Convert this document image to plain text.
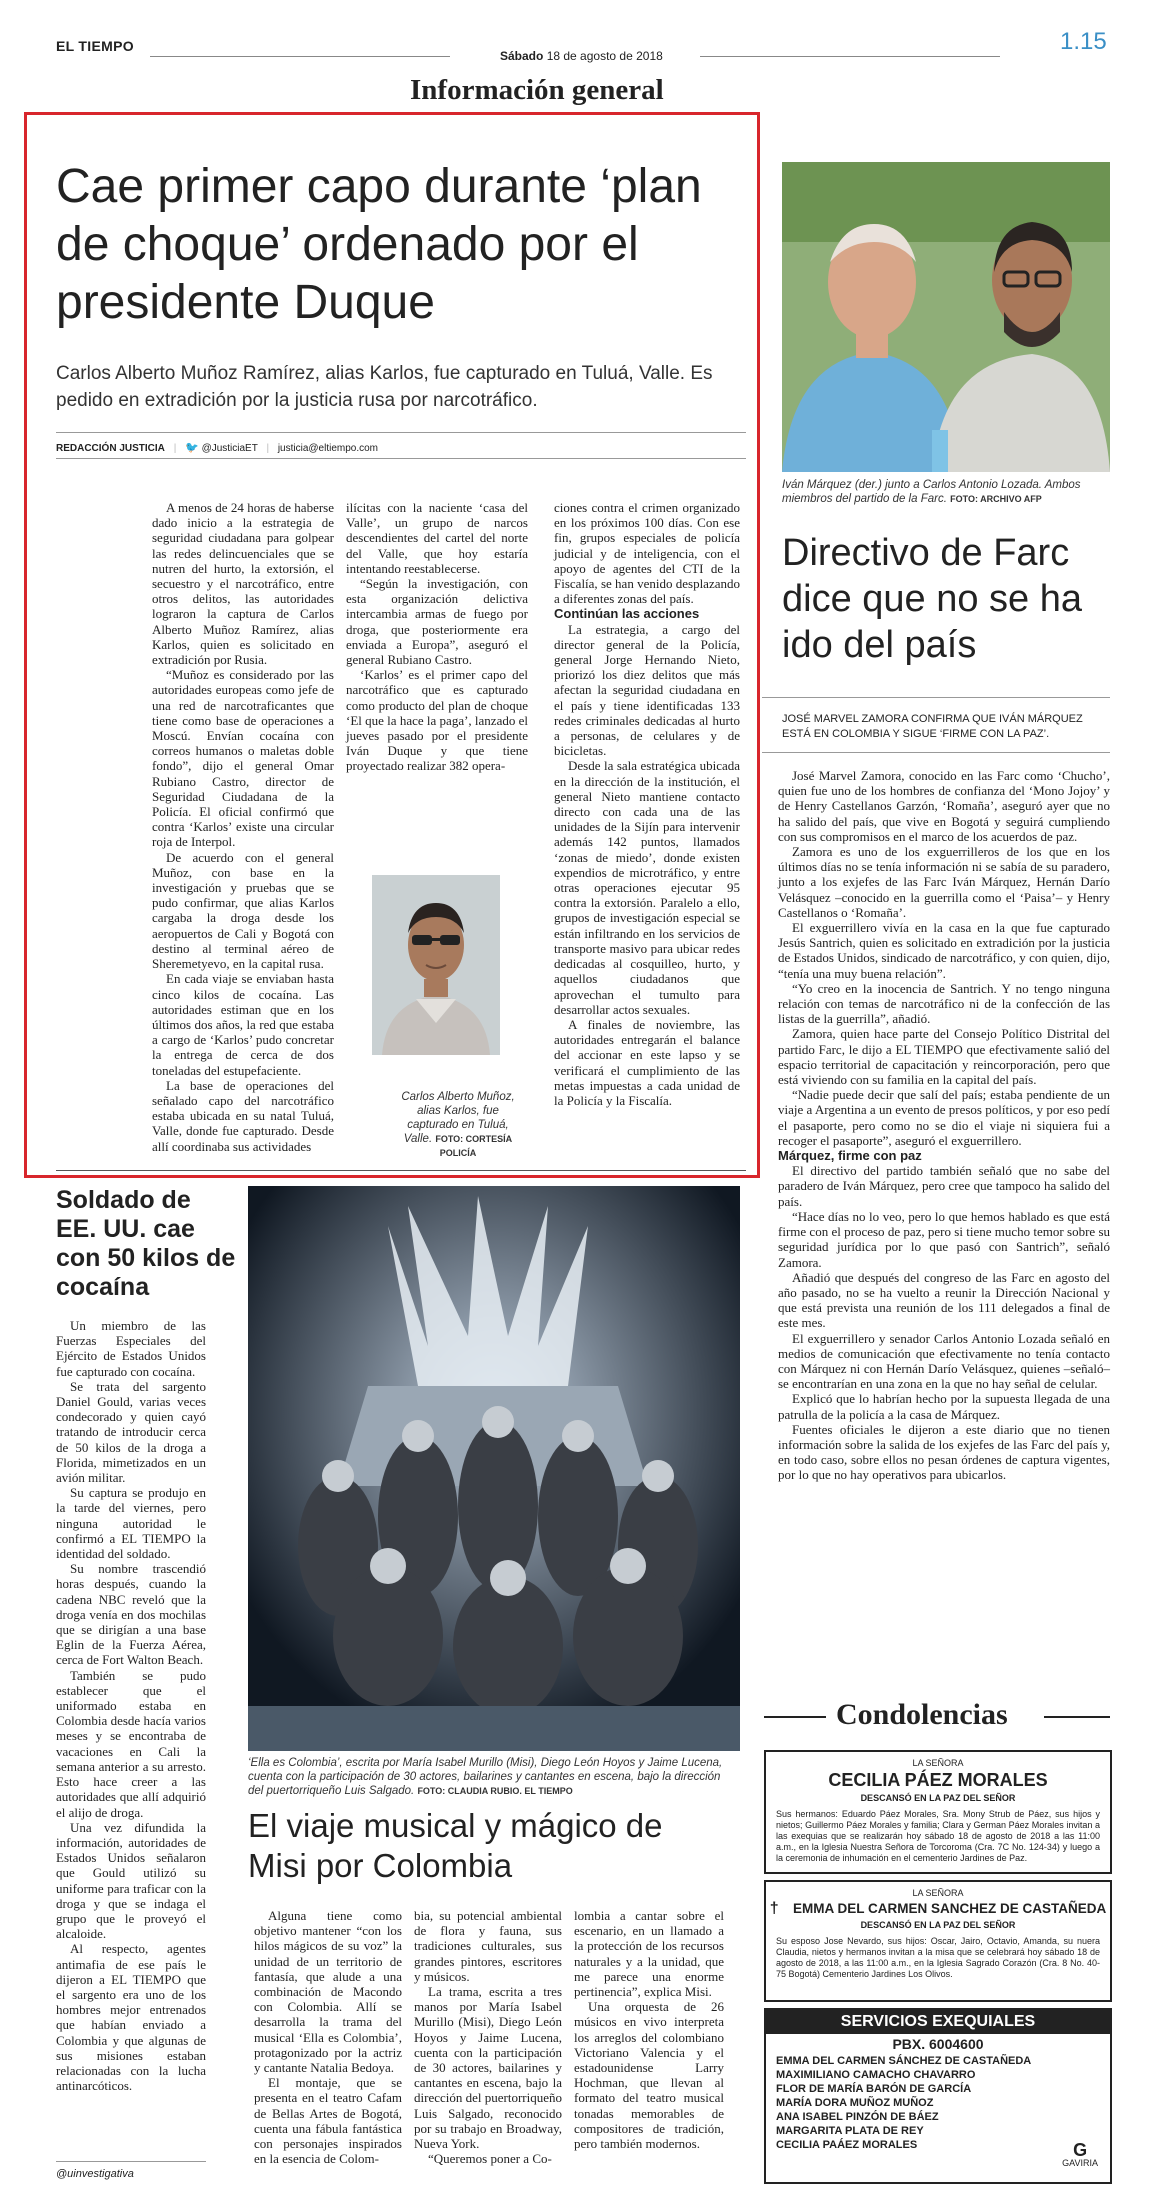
EL TIEMPO
Sábado 18 de agosto de 2018
1.15
Información general
Cae primer capo durante ‘plan de choque’ ordenado por el presidente Duque
Carlos Alberto Muñoz Ramírez, alias Karlos, fue capturado en Tuluá, Valle. Es pedido en extradición por la justicia rusa por narcotráfico.
REDACCIÓN JUSTICIA | 🐦 @JusticiaET | justicia@eltiempo.com

A menos de 24 horas de haberse dado inicio a la estrategia de seguridad ciudadana para golpear las redes delincuenciales que se nutren del hurto, la extorsión, el secuestro y el narcotráfico, entre otros delitos, las autoridades lograron la captura de Carlos Alberto Muñoz Ramírez, alias Karlos, quien es solicitado en extradición por Rusia.

“Muñoz es considerado por las autoridades europeas como jefe de una red de narcotraficantes que tiene como base de operaciones a Moscú. Envían cocaína con correos humanos o maletas doble fondo”, dijo el general Omar Rubiano Castro, director de Seguridad Ciudadana de la Policía. El oficial confirmó que contra ‘Karlos’ existe una circular roja de Interpol.

De acuerdo con el general Muñoz, con base en la investigación y pruebas que se pudo confirmar, que alias Karlos cargaba la droga desde los aeropuertos de Cali y Bogotá con destino al terminal aéreo de Sheremetyevo, en la capital rusa.

En cada viaje se enviaban hasta cinco kilos de cocaína. Las autoridades estiman que en los últimos dos años, la red que estaba a cargo de ‘Karlos’ pudo concretar la entrega de cerca de dos toneladas del estupefaciente.

La base de operaciones del señalado capo del narcotráfico estaba ubicada en su natal Tuluá, Valle, donde fue capturado. Desde allí coordinaba sus actividades

ilícitas con la naciente ‘casa del Valle’, un grupo de narcos descendientes del cartel del norte del Valle, que hoy estaría intentando reestablecerse.

“Según la investigación, con esta organización delictiva intercambia armas de fuego por droga, que posteriormente era enviada a Europa”, aseguró el general Rubiano Castro.

‘Karlos’ es el primer capo del narcotráfico que es capturado como producto del plan de choque ‘El que la hace la paga’, lanzado el jueves pasado por el presidente Iván Duque y que tiene proyectado realizar 382 opera-

Carlos Alberto Muñoz, alias Karlos, fue capturado en Tuluá, Valle. FOTO: CORTESÍA POLICÍA

ciones contra el crimen organizado en los próximos 100 días. Con ese fin, grupos especiales de policía judicial y de inteligencia, con el apoyo de agentes del CTI de la Fiscalía, se han venido desplazando a diferentes zonas del país.

Continúan las acciones

La estrategia, a cargo del director general de la Policía, general Jorge Hernando Nieto, priorizó los diez delitos que más afectan la seguridad ciudadana en el país y tiene identificadas 133 redes criminales dedicadas al hurto a personas, de celulares y de bicicletas.

Desde la sala estratégica ubicada en la dirección de la institución, el general Nieto mantiene contacto directo con cada una de las unidades de la Sijín para intervenir además 142 puntos, llamados ‘zonas de miedo’, donde existen expendios de microtráfico, y entre otras operaciones ejecutar 95 contra la extorsión. Paralelo a ello, grupos de investigación especial se están infiltrando en los servicios de transporte masivo para ubicar redes dedicadas al cosquilleo, hurto, y aquellos ciudadanos que aprovechan el tumulto para desarrollar actos sexuales.

A finales de noviembre, las autoridades entregarán el balance del accionar en este lapso y se verificará el cumplimiento de las metas impuestas a cada unidad de la Policía y la Fiscalía.

Iván Márquez (der.) junto a Carlos Antonio Lozada. Ambos miembros del partido de la Farc. FOTO: ARCHIVO AFP
Directivo de Farc dice que no se ha ido del país
JOSÉ MARVEL ZAMORA CONFIRMA QUE IVÁN MÁRQUEZ ESTÁ EN COLOMBIA Y SIGUE ‘FIRME CON LA PAZ’.

José Marvel Zamora, conocido en las Farc como ‘Chucho’, quien fue uno de los hombres de confianza del ‘Mono Jojoy’ y de Henry Castellanos Garzón, ‘Romaña’, aseguró ayer que no ha salido del país, que vive en Bogotá y seguirá cumpliendo con sus compromisos en el marco de los acuerdos de paz.

Zamora es uno de los exguerrilleros de los que en los últimos días no se tenía información ni se sabía de su paradero, junto a los exjefes de las Farc Iván Márquez, Hernán Darío Velásquez –conocido en la guerrilla como el ‘Paisa’– y Henry Castellanos o ‘Romaña’.

El exguerrillero vivía en la casa en la que fue capturado Jesús Santrich, quien es solicitado en extradición por la justicia de Estados Unidos, sindicado de narcotráfico, y con quien, dijo, “tenía una muy buena relación”.

“Yo creo en la inocencia de Santrich. Y no tengo ninguna relación con temas de narcotráfico ni de la confección de las listas de la guerrilla”, añadió.

Zamora, quien hace parte del Consejo Político Distrital del partido Farc, le dijo a EL TIEMPO que efectivamente salió del espacio territorial de capacitación y reincorporación, pero que está viviendo con su familia en la capital del país.

“Nadie puede decir que salí del país; estaba pendiente de un viaje a Argentina a un evento de presos políticos, y por eso pedí el pasaporte, pero como no se dio el viaje ni siquiera fui a recoger el pasaporte”, aseguró el exguerrillero.

Márquez, firme con paz

El directivo del partido también señaló que no sabe del paradero de Iván Márquez, pero cree que tampoco ha salido del país.

“Hace días no lo veo, pero lo que hemos hablado es que está firme con el proceso de paz, pero si tiene mucho temor sobre su seguridad jurídica por lo que pasó con Santrich”, señaló Zamora.

Añadió que después del congreso de las Farc en agosto del año pasado, no se ha vuelto a reunir la Dirección Nacional y que está prevista una reunión de los 111 delegados a final de este mes.

El exguerrillero y senador Carlos Antonio Lozada señaló en medios de comunicación que efectivamente no tenía contacto con Márquez ni con Hernán Darío Velásquez, quienes –señaló– se encontrarían en una zona en la que no hay señal de celular.

Explicó que lo habrían hecho por la supuesta llegada de una patrulla de la policía a la casa de Márquez.

Fuentes oficiales le dijeron a este diario que no tienen información sobre la salida de los exjefes de las Farc del país y, en todo caso, sobre ellos no pesan órdenes de captura vigentes, por lo que no hay operativos para ubicarlos.

Soldado de EE. UU. cae con 50 kilos de cocaína

Un miembro de las Fuerzas Especiales del Ejército de Estados Unidos fue capturado con cocaína.

Se trata del sargento Daniel Gould, varias veces condecorado y quien cayó tratando de introducir cerca de 50 kilos de la droga a Florida, mimetizados en un avión militar.

Su captura se produjo en la tarde del viernes, pero ninguna autoridad le confirmó a EL TIEMPO la identidad del soldado.

Su nombre trascendió horas después, cuando la cadena NBC reveló que la droga venía en dos mochilas que se dirigían a una base Eglin de la Fuerza Aérea, cerca de Fort Walton Beach.

También se pudo establecer que el uniformado estaba en Colombia desde hacía varios meses y se encontraba de vacaciones en Cali la semana anterior a su arresto. Esto hace creer a las autoridades que allí adquirió el alijo de droga.

Una vez difundida la información, autoridades de Estados Unidos señalaron que Gould utilizó su uniforme para traficar con la droga y que se indaga el grupo que le proveyó el alcaloide.

Al respecto, agentes antimafia de ese país le dijeron a EL TIEMPO que el sargento era uno de los hombres mejor entrenados que habían enviado a Colombia y que algunas de sus misiones estaban relacionadas con la lucha antinarcóticos.

@uinvestigativa
‘Ella es Colombia’, escrita por María Isabel Murillo (Misi), Diego León Hoyos y Jaime Lucena, cuenta con la participación de 30 actores, bailarines y cantantes en escena, bajo la dirección del puertorriqueño Luis Salgado. FOTO: CLAUDIA RUBIO. EL TIEMPO
El viaje musical y mágico de Misi por Colombia

Alguna tiene como objetivo mantener “con los hilos mágicos de su voz” la unidad de un territorio de fantasía, que alude a una combinación de Macondo con Colombia. Allí se desarrolla la trama del musical ‘Ella es Colombia’, protagonizado por la actriz y cantante Natalia Bedoya.

El montaje, que se presenta en el teatro Cafam de Bellas Artes de Bogotá, cuenta una fábula fantástica con personajes inspirados en la esencia de Colom-

bia, su potencial ambiental de flora y fauna, sus tradiciones culturales, sus grandes pintores, escritores y músicos.

La trama, escrita a tres manos por María Isabel Murillo (Misi), Diego León Hoyos y Jaime Lucena, cuenta con la participación de 30 actores, bailarines y cantantes en escena, bajo la dirección del puertorriqueño Luis Salgado, reconocido por su trabajo en Broadway, Nueva York.

“Queremos poner a Co-

lombia a cantar sobre el escenario, en un llamado a la protección de los recursos naturales y a la unidad, que me parece una enorme pertinencia”, explica Misi.

Una orquesta de 26 músicos en vivo interpreta los arreglos del colombiano Victoriano Valencia y el estadounidense Larry Hochman, que llevan al formato del teatro musical tonadas memorables de compositores de tradición, pero también modernos.

Condolencias
LA SEÑORA
CECILIA PÁEZ MORALES
DESCANSÓ EN LA PAZ DEL SEÑOR
Sus hermanos: Eduardo Páez Morales, Sra. Mony Strub de Páez, sus hijos y nietos; Guillermo Páez Morales y familia; Clara y German Páez Morales invitan a las exequias que se realizarán hoy sábado 18 de agosto de 2018 a las 11:00 a.m., en la Iglesia Nuestra Señora de Torcoroma (Cra. 7C No. 124-34) y luego a la ceremonia de inhumación en el cementerio Jardines de Paz.
LA SEÑORA
† EMMA DEL CARMEN SANCHEZ DE CASTAÑEDA
DESCANSÓ EN LA PAZ DEL SEÑOR
Su esposo Jose Nevardo, sus hijos: Oscar, Jairo, Octavio, Amanda, su nuera Claudia, nietos y hermanos invitan a la misa que se celebrará hoy sábado 18 de agosto de 2018, a las 11:00 a.m., en la Iglesia Sagrado Corazón (Cra. 8 No. 40-75 Bogotá) Cementerio Jardines Los Olivos.
SERVICIOS EXEQUIALES
PBX. 6004600
EMMA DEL CARMEN SÁNCHEZ DE CASTAÑEDA
MAXIMILIANO CAMACHO CHAVARRO
FLOR DE MARÍA BARÓN DE GARCÍA
MARÍA DORA MUÑOZ MUÑOZ
ANA ISABEL PINZÓN DE BÁEZ
MARGARITA PLATA DE REY
CECILIA PAÁEZ MORALES	G
GAVIRIA
